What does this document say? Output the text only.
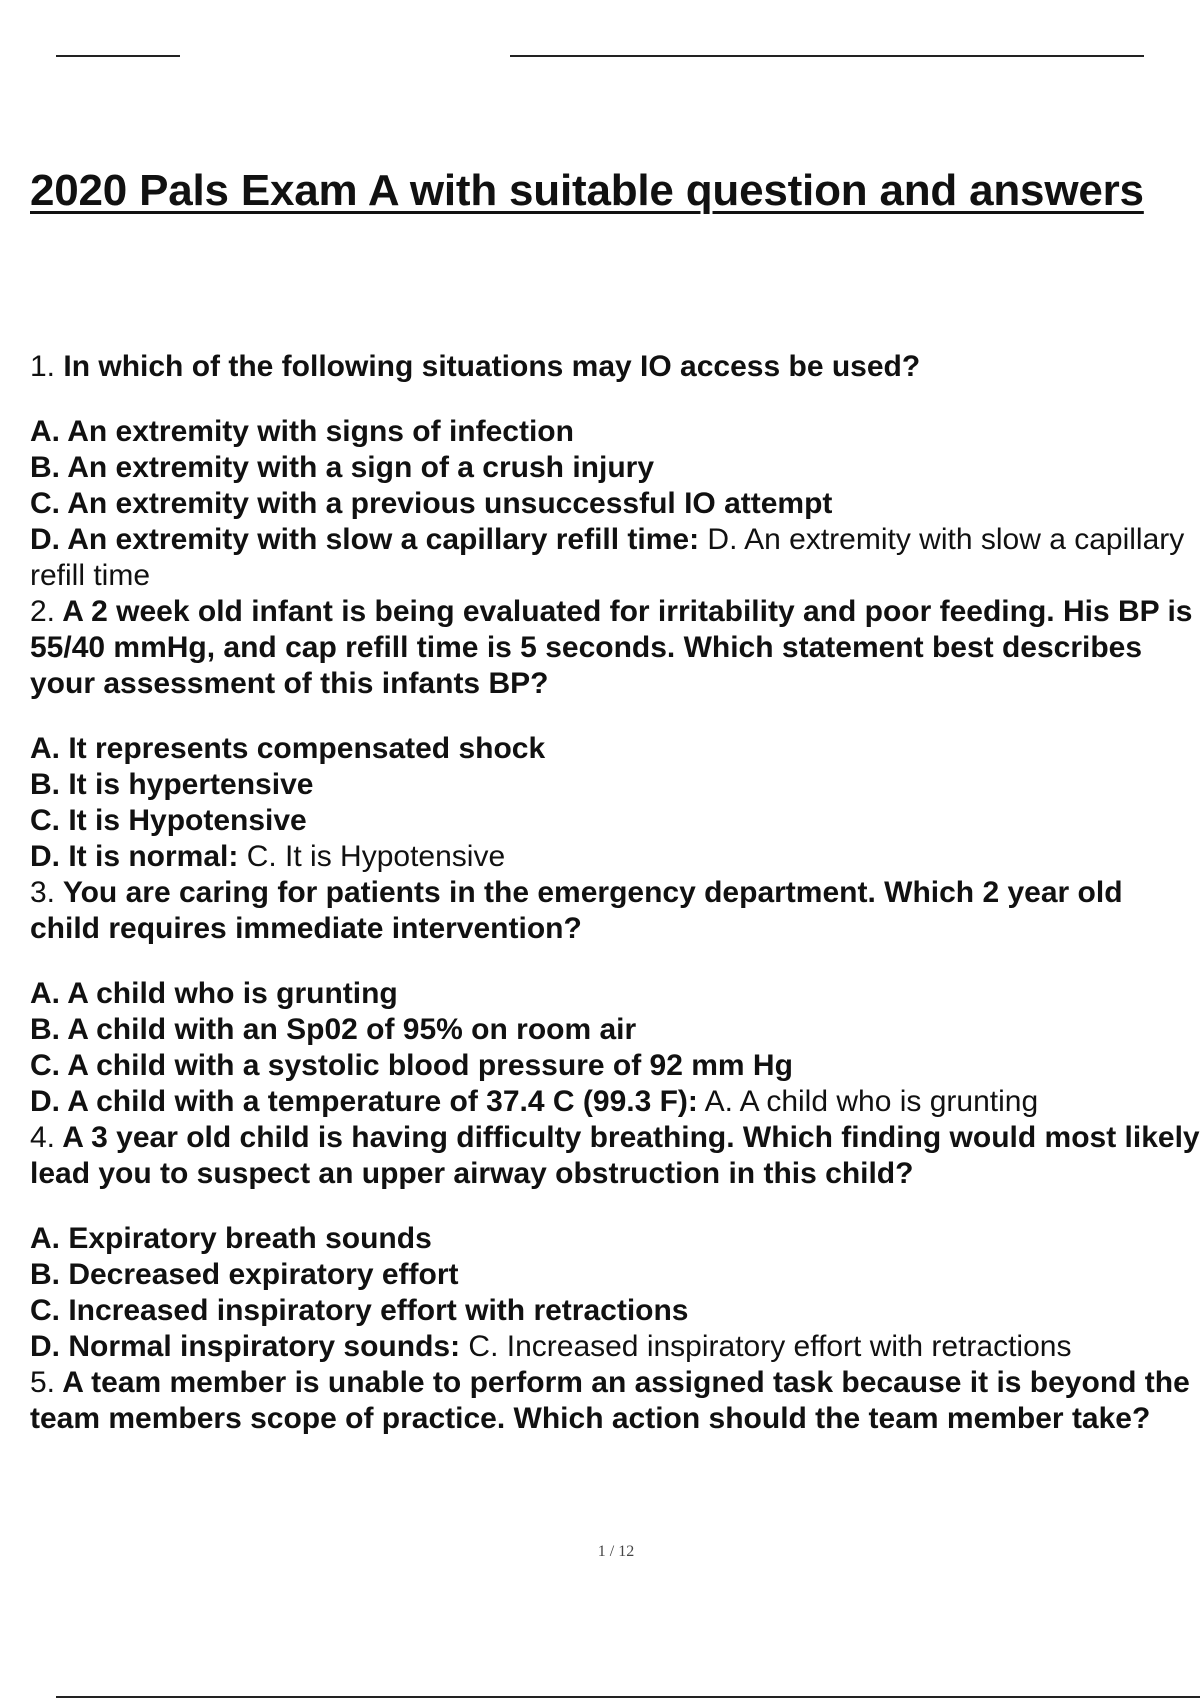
2020 Pals Exam A with suitable question and answers

1. In which of the following situations may IO access be used?

A. An extremity with signs of infection

B. An extremity with a sign of a crush injury

C. An extremity with a previous unsuccessful IO attempt

D. An extremity with slow a capillary refill time: D. An extremity with slow a capillary refill time

2. A 2 week old infant is being evaluated for irritability and poor feeding. His BP is 55/40 mmHg, and cap refill time is 5 seconds. Which statement best describes your assessment of this infants BP?

A. It represents compensated shock

B. It is hypertensive

C. It is Hypotensive

D. It is normal: C. It is Hypotensive

3. You are caring for patients in the emergency department. Which 2 year old child requires immediate intervention?

A. A child who is grunting

B. A child with an Sp02 of 95% on room air

C. A child with a systolic blood pressure of 92 mm Hg

D. A child with a temperature of 37.4 C (99.3 F): A. A child who is grunting

4. A 3 year old child is having difficulty breathing. Which finding would most likely lead you to suspect an upper airway obstruction in this child?

A. Expiratory breath sounds

B. Decreased expiratory effort

C. Increased inspiratory effort with retractions

D. Normal inspiratory sounds: C. Increased inspiratory effort with retractions

5. A team member is unable to perform an assigned task because it is beyond the team members scope of practice. Which action should the team member take?

1 / 12
